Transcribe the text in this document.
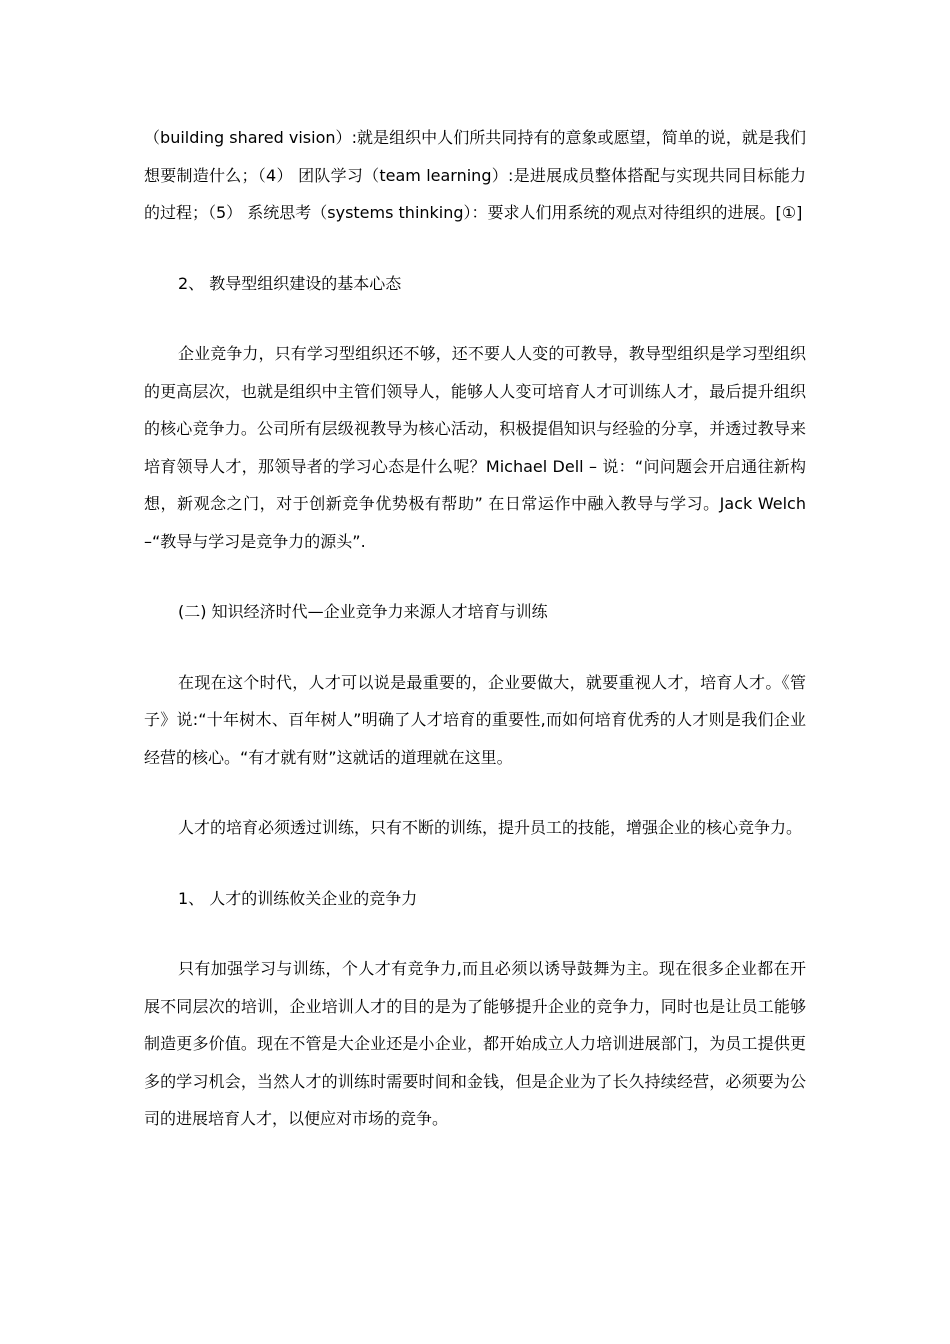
（building shared vision）:就是组织中人们所共同持有的意象或愿望，简单的说，就是我们想要制造什么；（4） 团队学习（team learning）:是进展成员整体搭配与实现共同目标能力的过程；（5） 系统思考（systems thinking）：要求人们用系统的观点对待组织的进展。[①]

2、 教导型组织建设的基本心态

企业竞争力，只有学习型组织还不够，还不要人人变的可教导，教导型组织是学习型组织的更高层次，也就是组织中主管们领导人，能够人人变可培育人才可训练人才，最后提升组织的核心竞争力。公司所有层级视教导为核心活动，积极提倡知识与经验的分享，并透过教导来培育领导人才，那领导者的学习心态是什么呢？Michael Dell – 说：“问问题会开启通往新构想，新观念之门，对于创新竞争优势极有帮助” 在日常运作中融入教导与学习。Jack Welch –“教导与学习是竞争力的源头”.

(二) 知识经济时代—企业竞争力来源人才培育与训练

在现在这个时代，人才可以说是最重要的，企业要做大，就要重视人才，培育人才。《管子》说:“十年树木、百年树人”明确了人才培育的重要性,而如何培育优秀的人才则是我们企业经营的核心。“有才就有财”这就话的道理就在这里。

人才的培育必须透过训练，只有不断的训练，提升员工的技能，增强企业的核心竞争力。

1、 人才的训练攸关企业的竞争力

只有加强学习与训练，个人才有竞争力,而且必须以诱导鼓舞为主。现在很多企业都在开展不同层次的培训，企业培训人才的目的是为了能够提升企业的竞争力，同时也是让员工能够制造更多价值。现在不管是大企业还是小企业，都开始成立人力培训进展部门，为员工提供更多的学习机会，当然人才的训练时需要时间和金钱，但是企业为了长久持续经营，必须要为公司的进展培育人才，以便应对市场的竞争。
